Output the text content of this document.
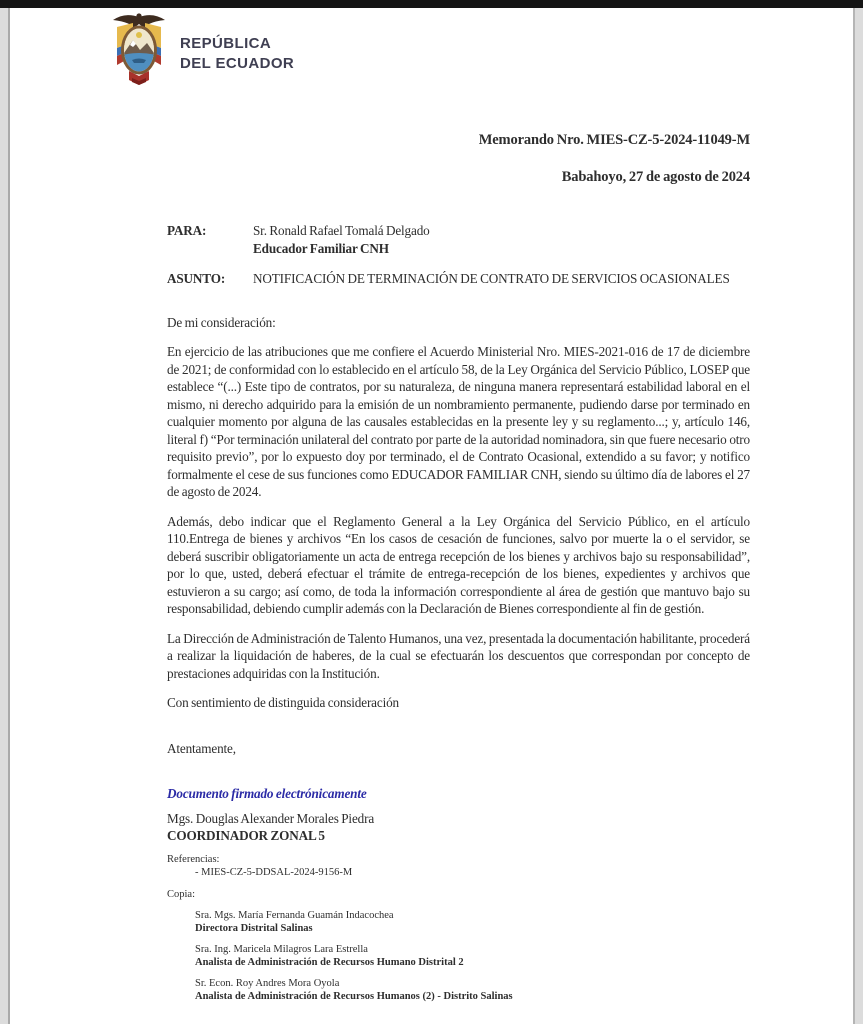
REPÚBLICA
DEL ECUADOR
Memorando Nro. MIES-CZ-5-2024-11049-M
Babahoyo, 27 de agosto de 2024
PARA:	Sr. Ronald Rafael Tomalá Delgado
Educador Familiar CNH
ASUNTO:	NOTIFICACIÓN DE TERMINACIÓN DE CONTRATO DE SERVICIOS OCASIONALES
De mi consideración:
En ejercicio de las atribuciones que me confiere el Acuerdo Ministerial Nro. MIES-2021-016 de 17 de diciembre de 2021; de conformidad con lo establecido en el artículo 58, de la Ley Orgánica del Servicio Público, LOSEP que establece “(...) Este tipo de contratos, por su naturaleza, de ninguna manera representará estabilidad laboral en el mismo, ni derecho adquirido para la emisión de un nombramiento permanente, pudiendo darse por terminado en cualquier momento por alguna de las causales establecidas en la presente ley y su reglamento...; y, artículo 146, literal f) “Por terminación unilateral del contrato por parte de la autoridad nominadora, sin que fuere necesario otro requisito previo”, por lo expuesto doy por terminado, el de Contrato Ocasional, extendido a su favor; y notifico formalmente el cese de sus funciones como EDUCADOR FAMILIAR CNH, siendo su último día de labores el 27 de agosto de 2024.
Además, debo indicar que el Reglamento General a la Ley Orgánica del Servicio Público, en el artículo 110.Entrega de bienes y archivos “En los casos de cesación de funciones, salvo por muerte la o el servidor, se deberá suscribir obligatoriamente un acta de entrega recepción de los bienes y archivos bajo su responsabilidad”, por lo que, usted, deberá efectuar el trámite de entrega-recepción de los bienes, expedientes y archivos que estuvieron a su cargo; así como, de toda la información correspondiente al área de gestión que mantuvo bajo su responsabilidad, debiendo cumplir además con la Declaración de Bienes correspondiente al fin de gestión.
La Dirección de Administración de Talento Humanos, una vez, presentada la documentación habilitante, procederá a realizar la liquidación de haberes, de la cual se efectuarán los descuentos que correspondan por concepto de prestaciones adquiridas con la Institución.
Con sentimiento de distinguida consideración
Atentamente,
Documento firmado electrónicamente
Mgs. Douglas Alexander Morales Piedra
COORDINADOR ZONAL 5
Referencias:
- MIES-CZ-5-DDSAL-2024-9156-M
Copia:
Sra. Mgs. María Fernanda Guamán Indacochea
Directora Distrital Salinas
Sra. Ing. Maricela Milagros Lara Estrella
Analista de Administración de Recursos Humano Distrital 2
Sr. Econ. Roy Andres Mora Oyola
Analista de Administración de Recursos Humanos (2) - Distrito Salinas
